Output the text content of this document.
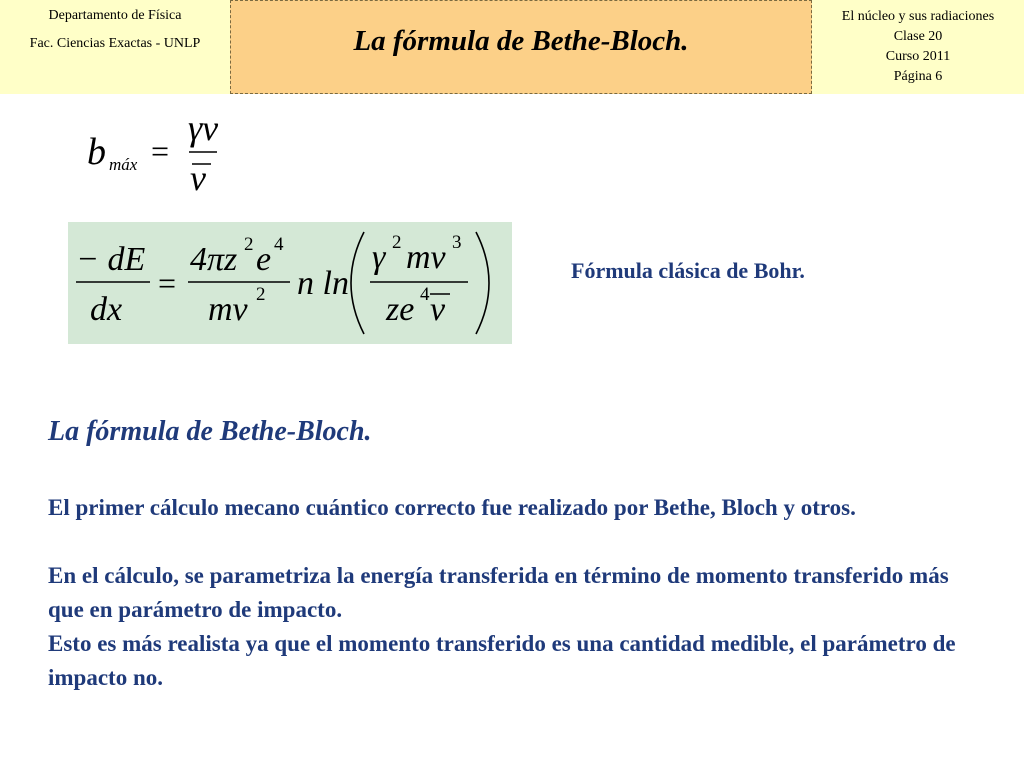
Departamento de Física
Fac. Ciencias Exactas - UNLP	La fórmula de Bethe-Bloch.
El núcleo y sus radiaciones
Clase 20
Curso 2011
Página 6
b máx =
γν
ν
− dE
dx
=
4πz 2 e 4
mv 2 n ln
γ 2 mv 3
ze 4 ν
Fórmula clásica de Bohr.
La fórmula de Bethe-Bloch.
El primer cálculo mecano cuántico correcto fue realizado por Bethe, Bloch y otros.
En el cálculo, se parametriza la energía transferida en término de momento transferido más que en parámetro de impacto.
Esto es más realista ya que el momento transferido es una cantidad medible, el parámetro de impacto no.
